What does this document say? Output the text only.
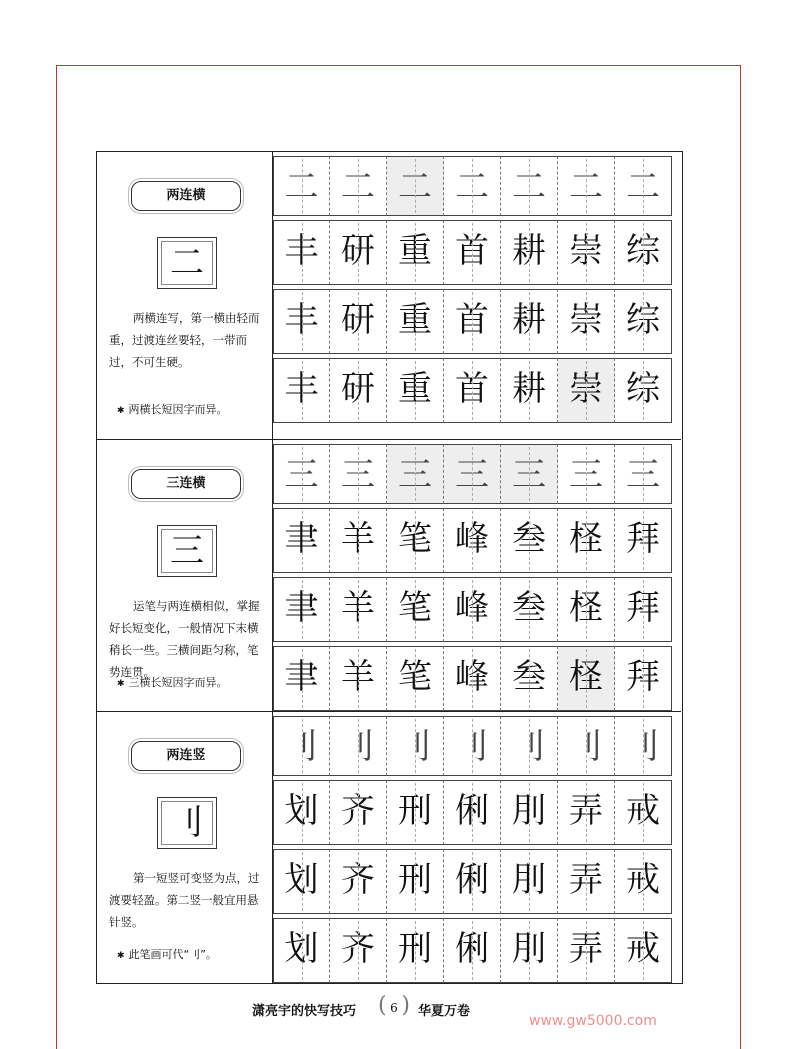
两连横
二
两横连写，第一横由轻而重，过渡连丝要轻，一带而过，不可生硬。
✱ 两横长短因字而异。
二 二 二 二 二 二 二
丰 研 重 首 耕 崇 综
丰 研 重 首 耕 崇 综
丰 研 重 首 耕 崇 综
三连横
三
运笔与两连横相似，掌握好长短变化，一般情况下末横稍长一些。三横间距匀称，笔势连贯。
✱ 三横长短因字而异。
三 三 三 三 三 三 三
聿 羊 笔 峰 叁 柽 拜
聿 羊 笔 峰 叁 柽 拜
聿 羊 笔 峰 叁 柽 拜
两连竖
刂
第一短竖可变竖为点，过渡要轻盈。第二竖一般宜用悬针竖。
✱ 此笔画可代“刂”。
刂 刂 刂 刂 刂 刂 刂
划 齐 刑 俐 刖 弄 戒
划 齐 刑 俐 刖 弄 戒
划 齐 刑 俐 刖 弄 戒
潇亮宇的快写技巧
(	6 )	华夏万卷
www.gw5000.com
